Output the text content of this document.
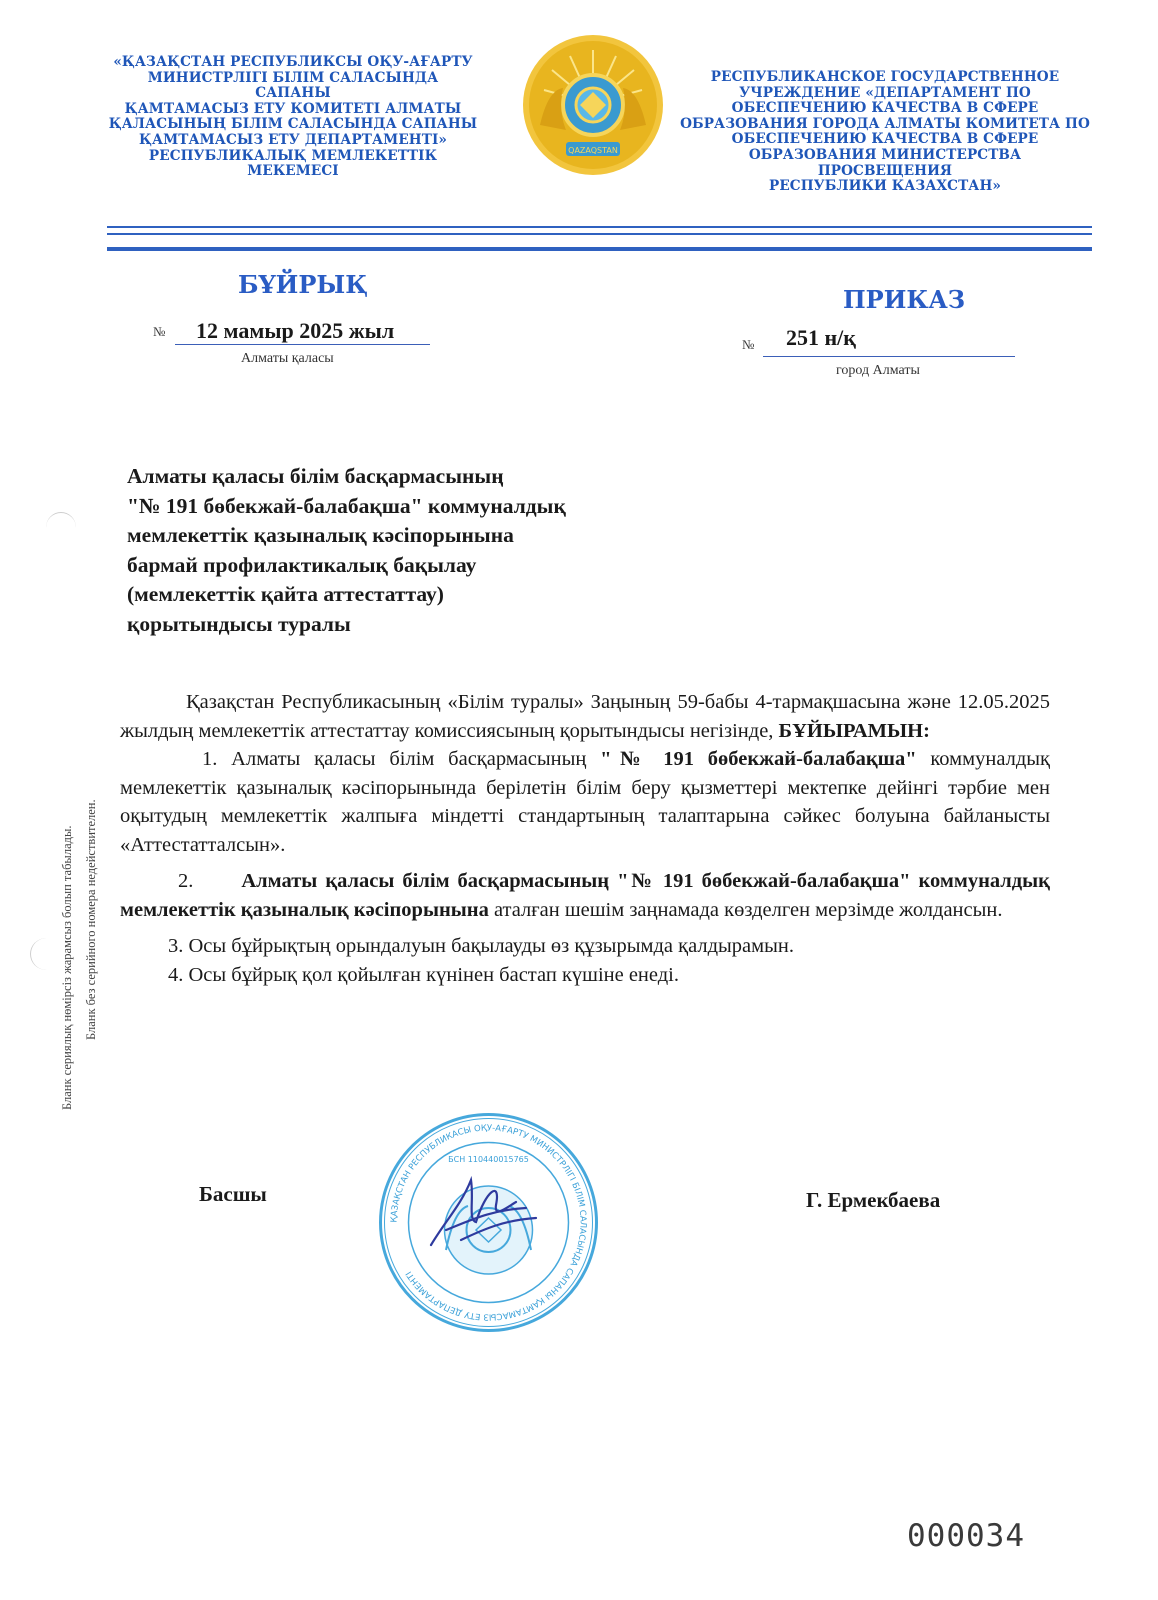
«ҚАЗАҚСТАН РЕСПУБЛИКСЫ ОҚУ-АҒАРТУ
МИНИСТРЛІГІ БІЛІМ САЛАСЫНДА САПАНЫ
ҚАМТАМАСЫЗ ЕТУ КОМИТЕТІ АЛМАТЫ
ҚАЛАСЫНЫҢ БІЛІМ САЛАСЫНДА САПАНЫ
ҚАМТАМАСЫЗ ЕТУ ДЕПАРТАМЕНТІ»
РЕСПУБЛИКАЛЫҚ МЕМЛЕКЕТТІК
МЕКЕМЕСІ
QAZAQSTAN
РЕСПУБЛИКАНСКОЕ ГОСУДАРСТВЕННОЕ
УЧРЕЖДЕНИЕ «ДЕПАРТАМЕНТ ПО
ОБЕСПЕЧЕНИЮ КАЧЕСТВА В СФЕРЕ
ОБРАЗОВАНИЯ ГОРОДА АЛМАТЫ КОМИТЕТА ПО
ОБЕСПЕЧЕНИЮ КАЧЕСТВА В СФЕРЕ
ОБРАЗОВАНИЯ МИНИСТЕРСТВА ПРОСВЕЩЕНИЯ
РЕСПУБЛИКИ КАЗАХСТАН»
БҰЙРЫҚ
ПРИКАЗ
№ 12 мамыр 2025 жыл
Алматы қаласы
№ 251 н/қ
город Алматы
Алматы қаласы білім басқармасының
"№ 191 бөбекжай-балабақша" коммуналдық
мемлекеттік қазыналық кәсіпорынына
бармай профилактикалық бақылау
(мемлекеттік қайта аттестаттау)
қорытындысы туралы

Қазақстан Республикасының «Білім туралы» Заңының 59-бабы 4-тармақшасына және 12.05.2025 жылдың мемлекеттік аттестаттау комиссиясының қорытындысы негізінде, БҰЙЫРАМЫН:

1. Алматы қаласы білім басқармасының "№ 191 бөбекжай-балабақша" коммуналдық мемлекеттік қазыналық кәсіпорынында берілетін білім беру қызметтері мектепке дейінгі тәрбие мен оқытудың мемлекеттік жалпыға міндетті стандартының талаптарына сәйкес болуына байланысты «Аттестатталсын».

2. Алматы қаласы білім басқармасының "№ 191 бөбекжай-балабақша" коммуналдық мемлекеттік қазыналық кәсіпорынына аталған шешім заңнамада көзделген мерзімде жолдансын.

3. Осы бұйрықтың орындалуын бақылауды өз құзырымда қалдырамын.

4. Осы бұйрық қол қойылған күнінен бастап күшіне енеді.

ҚАЗАҚСТАН РЕСПУБЛИКАСЫ ОҚУ-АҒАРТУ МИНИСТРЛІГІ БІЛІМ САЛАСЫНДА САПАНЫ ҚАМТАМАСЫЗ ЕТУ ДЕПАРТАМЕНТІ
БСН 110440015765
Басшы	Г. Ермекбаева
Бланк сериялық нөмірсіз жарамсыз болып табылады. Бланк без серийного номера недействителен.
000034
